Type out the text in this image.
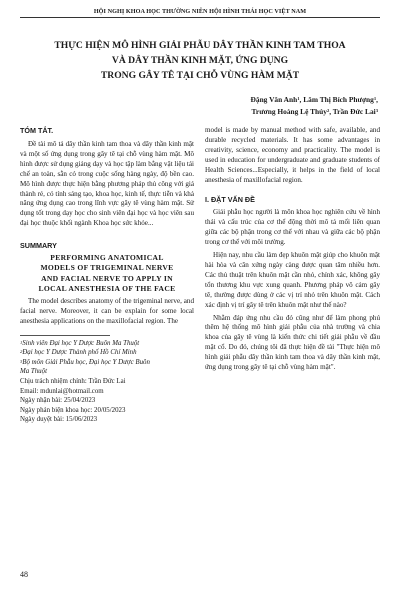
HỘI NGHỊ KHOA HỌC THƯỜNG NIÊN HỘI HÌNH THÁI HỌC VIỆT NAM
THỰC HIỆN MÔ HÌNH GIẢI PHẪU DÂY THẦN KINH TAM THOA
VÀ DÂY THẦN KINH MẶT, ỨNG DỤNG
TRONG GÂY TÊ TẠI CHỖ VÙNG HÀM MẶT
Đặng Văn Anh$^1$, Lâm Thị Bích Phượng$^1$,
Trương Hoàng Lệ Thúy$^2$, Trần Đức Lai$^3$
TÓM TẮT.

Đề tài mô tả dây thần kinh tam thoa và dây thần kinh mặt và một số ứng dụng trong gây tê tại chỗ vùng hàm mặt. Mô hình được sử dụng giảng dạy và học tập làm bằng vật liệu tái chế an toàn, sẵn có trong cuộc sống hàng ngày, độ bền cao. Mô hình được thực hiện bằng phương pháp thủ công với giá thành rẻ, có tính sáng tạo, khoa học, kinh tế, thực tiễn và khả năng ứng dụng cao trong lĩnh vực gây tê vùng hàm mặt. Sử dụng tốt trong dạy học cho sinh viên đại học và học viên sau đại học thuộc khối ngành Khoa học sức khỏe...

SUMMARY
PERFORMING ANATOMICAL
MODELS OF TRIGEMINAL NERVE
AND FACIAL NERVE TO APPLY IN
LOCAL ANESTHESIA OF THE FACE

The model describes anatomy of the trigeminal nerve, and facial nerve. Moreover, it can be explain for some local anesthesia applications on the maxillofacial region. The

$^1$Sinh viên Đại học Y Dược Buôn Ma Thuột
$^2$Đại học Y Dược Thành phố Hồ Chí Minh
$^3$Bộ môn Giải Phẫu học, Đại học Y Dược Buôn
Ma Thuột
Chịu trách nhiệm chính: Trần Đức Lai
Email: mdunlai@hotmail.com
Ngày nhận bài: 25/04/2023
Ngày phản biện khoa học: 20/05/2023
Ngày duyệt bài: 15/06/2023

model is made by manual method with safe, available, and durable recycled materials. It has some advantages in creativity, science, economy and practicality. The model is used in education for undergraduate and graduate students of Health Sciences...Especially, it helps in the field of local anesthesia of maxillofacial region.

I. ĐẶT VẤN ĐỀ

Giải phẫu học người là môn khoa học nghiên cứu về hình thái và cấu trúc của cơ thể động thời mô tả mối liên quan giữa các bộ phận trong cơ thể với nhau và giữa các bộ phận trong cơ thể với môi trường.

Hiện nay, nhu cầu làm đẹp khuôn mặt giúp cho khuôn mặt hài hòa và cân xứng ngày càng được quan tâm nhiều hơn. Các thủ thuật trên khuôn mặt cần nhỏ, chính xác, không gây tổn thương khu vực xung quanh. Phương pháp vô cảm gây tê, thường được dùng ở các vị trí nhỏ trên khuôn mặt. Cách xác định vị trí gây tê trên khuôn mặt như thế nào?

Nhằm đáp ứng nhu cầu đó cũng như để làm phong phú thêm hệ thống mô hình giải phẫu của nhà trường và chia khoa của gây tê vùng là kiến thức chi tiết giải phẫu về đầu mặt cổ. Do đó, chúng tôi đã thực hiện đề tài "Thực hiện mô hình giải phẫu dây thần kinh tam thoa và dây thần kinh mặt, ứng dụng trong gây tê tại chỗ vùng hàm mặt".

48
